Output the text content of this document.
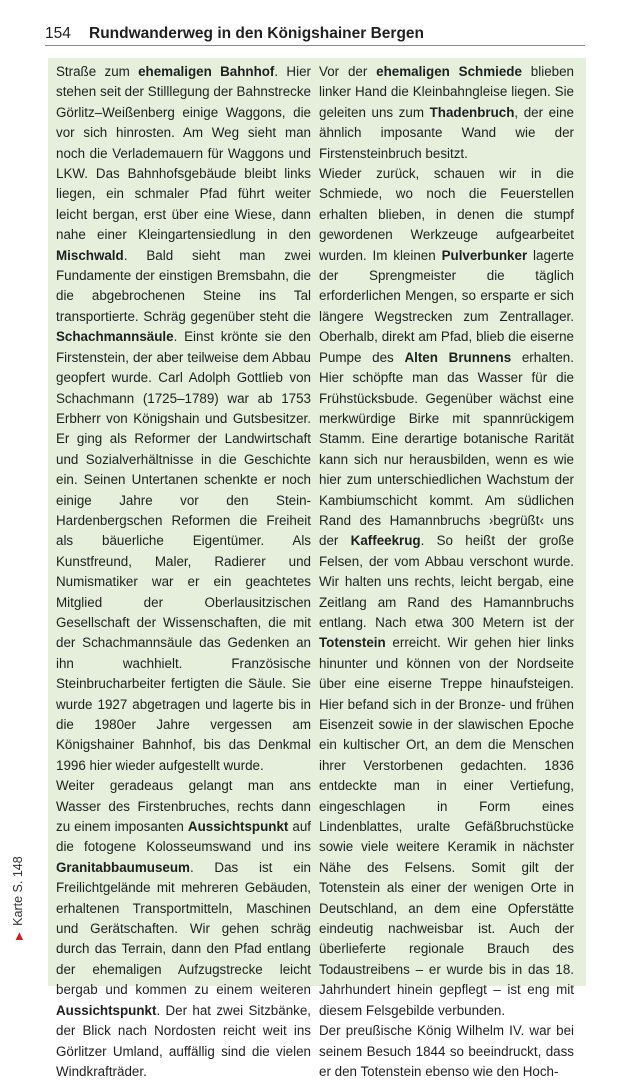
154 Rundwanderweg in den Königshainer Bergen

Straße zum ehemaligen Bahnhof. Hier stehen seit der Stilllegung der Bahnstrecke Görlitz–Weißenberg einige Waggons, die vor sich hinrosten. Am Weg sieht man noch die Verlademauern für Waggons und LKW. Das Bahnhofsgebäude bleibt links liegen, ein schmaler Pfad führt weiter leicht bergan, erst über eine Wiese, dann nahe einer Kleingartensiedlung in den Mischwald. Bald sieht man zwei Fundamente der einstigen Bremsbahn, die die abgebrochenen Steine ins Tal transportierte. Schräg gegenüber steht die Schachmannsäule. Einst krönte sie den Firstenstein, der aber teilweise dem Abbau geopfert wurde. Carl Adolph Gottlieb von Schachmann (1725–1789) war ab 1753 Erbherr von Königshain und Gutsbesitzer. Er ging als Reformer der Landwirtschaft und Sozialverhältnisse in die Geschichte ein. Seinen Untertanen schenkte er noch einige Jahre vor den Stein-Hardenbergschen Reformen die Freiheit als bäuerliche Eigentümer. Als Kunstfreund, Maler, Radierer und Numismatiker war er ein geachtetes Mitglied der Oberlausitzischen Gesellschaft der Wissenschaften, die mit der Schachmannsäule das Gedenken an ihn wachhielt. Französische Steinbrucharbeiter fertigten die Säule. Sie wurde 1927 abgetragen und lagerte bis in die 1980er Jahre vergessen am Königshainer Bahnhof, bis das Denkmal 1996 hier wieder aufgestellt wurde.

Weiter geradeaus gelangt man ans Wasser des Firstenbruches, rechts dann zu einem imposanten Aussichtspunkt auf die fotogene Kolosseumswand und ins Granitabbaumuseum. Das ist ein Freilichtgelände mit mehreren Gebäuden, erhaltenen Transportmitteln, Maschinen und Gerätschaften. Wir gehen schräg durch das Terrain, dann den Pfad entlang der ehemaligen Aufzugstrecke leicht bergab und kommen zu einem weiteren Aussichtspunkt. Der hat zwei Sitzbänke, der Blick nach Nordosten reicht weit ins Görlitzer Umland, auffällig sind die vielen Windkrafträder.

Vor der ehemaligen Schmiede blieben linker Hand die Kleinbahngleise liegen. Sie geleiten uns zum Thadenbruch, der eine ähnlich imposante Wand wie der Firstensteinbruch besitzt.

Wieder zurück, schauen wir in die Schmiede, wo noch die Feuerstellen erhalten blieben, in denen die stumpf gewordenen Werkzeuge aufgearbeitet wurden. Im kleinen Pulverbunker lagerte der Sprengmeister die täglich erforderlichen Mengen, so ersparte er sich längere Wegstrecken zum Zentrallager. Oberhalb, direkt am Pfad, blieb die eiserne Pumpe des Alten Brunnens erhalten. Hier schöpfte man das Wasser für die Frühstücksbude. Gegenüber wächst eine merkwürdige Birke mit spannrückigem Stamm. Eine derartige botanische Rarität kann sich nur herausbilden, wenn es wie hier zum unterschiedlichen Wachstum der Kambiumschicht kommt. Am südlichen Rand des Hamannbruchs ›begrüßt‹ uns der Kaffeekrug. So heißt der große Felsen, der vom Abbau verschont wurde. Wir halten uns rechts, leicht bergab, eine Zeitlang am Rand des Hamannbruchs entlang. Nach etwa 300 Metern ist der Totenstein erreicht. Wir gehen hier links hinunter und können von der Nordseite über eine eiserne Treppe hinaufsteigen. Hier befand sich in der Bronze- und frühen Eisenzeit sowie in der slawischen Epoche ein kultischer Ort, an dem die Menschen ihrer Verstorbenen gedachten. 1836 entdeckte man in einer Vertiefung, eingeschlagen in Form eines Lindenblattes, uralte Gefäßbruchstücke sowie viele weitere Keramik in nächster Nähe des Felsens. Somit gilt der Totenstein als einer der wenigen Orte in Deutschland, an dem eine Opferstätte eindeutig nachweisbar ist. Auch der überlieferte regionale Brauch des Todaustreibens – er wurde bis in das 18. Jahrhundert hinein gepflegt – ist eng mit diesem Felsgebilde verbunden.

Der preußische König Wilhelm IV. war bei seinem Besuch 1844 so beeindruckt, dass er den Totenstein ebenso wie den Hoch-

▶ Karte S. 148
